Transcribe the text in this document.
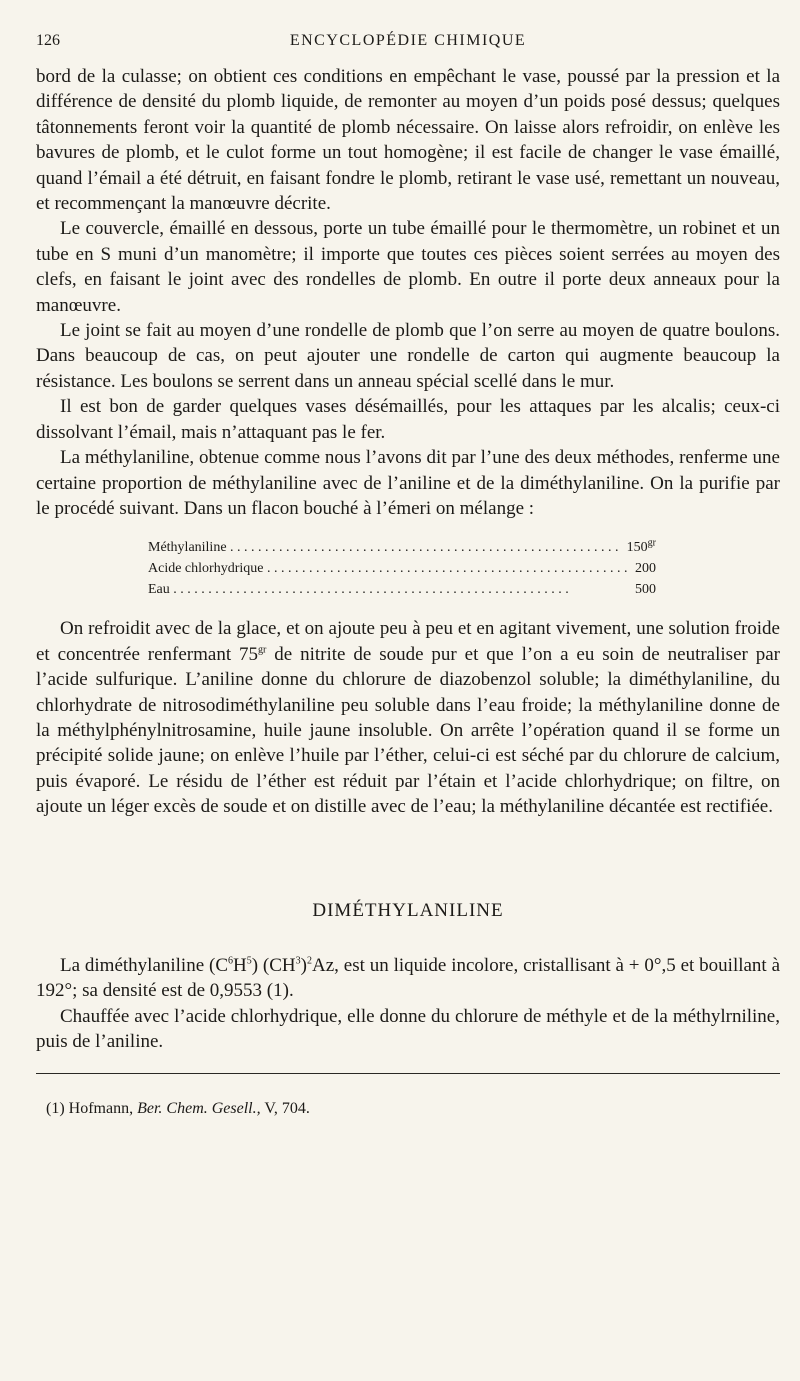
126	ENCYCLOPÉDIE CHIMIQUE

bord de la culasse; on obtient ces conditions en empêchant le vase, poussé par la pression et la différence de densité du plomb liquide, de remonter au moyen d’un poids posé dessus; quelques tâtonnements feront voir la quantité de plomb nécessaire. On laisse alors refroidir, on enlève les bavures de plomb, et le culot forme un tout homogène; il est facile de changer le vase émaillé, quand l’émail a été détruit, en faisant fondre le plomb, retirant le vase usé, remettant un nouveau, et recommençant la manœuvre décrite.

Le couvercle, émaillé en dessous, porte un tube émaillé pour le thermomètre, un robinet et un tube en S muni d’un manomètre; il importe que toutes ces pièces soient serrées au moyen des clefs, en faisant le joint avec des rondelles de plomb. En outre il porte deux anneaux pour la manœuvre.

Le joint se fait au moyen d’une rondelle de plomb que l’on serre au moyen de quatre boulons. Dans beaucoup de cas, on peut ajouter une rondelle de carton qui augmente beaucoup la résistance. Les boulons se serrent dans un anneau spécial scellé dans le mur.

Il est bon de garder quelques vases désémaillés, pour les attaques par les alcalis; ceux-ci dissolvant l’émail, mais n’attaquant pas le fer.

La méthylaniline, obtenue comme nous l’avons dit par l’une des deux méthodes, renferme une certaine proportion de méthylaniline avec de l’aniline et de la diméthylaniline. On la purifie par le procédé suivant. Dans un flacon bouché à l’émeri on mélange :

Méthylaniline . . .	$150^{gr}$
Acide chlorhydrique . . .	200
Eau . . .	500

On refroidit avec de la glace, et on ajoute peu à peu et en agitant vivement, une solution froide et concentrée renfermant $75^{gr}$ de nitrite de soude pur et que l’on a eu soin de neutraliser par l’acide sulfurique. L’aniline donne du chlorure de diazobenzol soluble; la diméthylaniline, du chlorhydrate de nitrosodiméthylaniline peu soluble dans l’eau froide; la méthylaniline donne de la méthylphénylnitrosamine, huile jaune insoluble. On arrête l’opération quand il se forme un précipité solide jaune; on enlève l’huile par l’éther, celui-ci est séché par du chlorure de calcium, puis évaporé. Le résidu de l’éther est réduit par l’étain et l’acide chlorhydrique; on filtre, on ajoute un léger excès de soude et on distille avec de l’eau; la méthylaniline décantée est rectifiée.

DIMÉTHYLANILINE

La diméthylaniline $(C^6H^5)$ $(CH^3)^2Az$, est un liquide incolore, cristallisant à + 0°,5 et bouillant à 192°; sa densité est de 0,9553 (1).

Chauffée avec l’acide chlorhydrique, elle donne du chlorure de méthyle et de la méthylrniline, puis de l’aniline.

(1) Hofmann, Ber. Chem. Gesell., V, 704.
